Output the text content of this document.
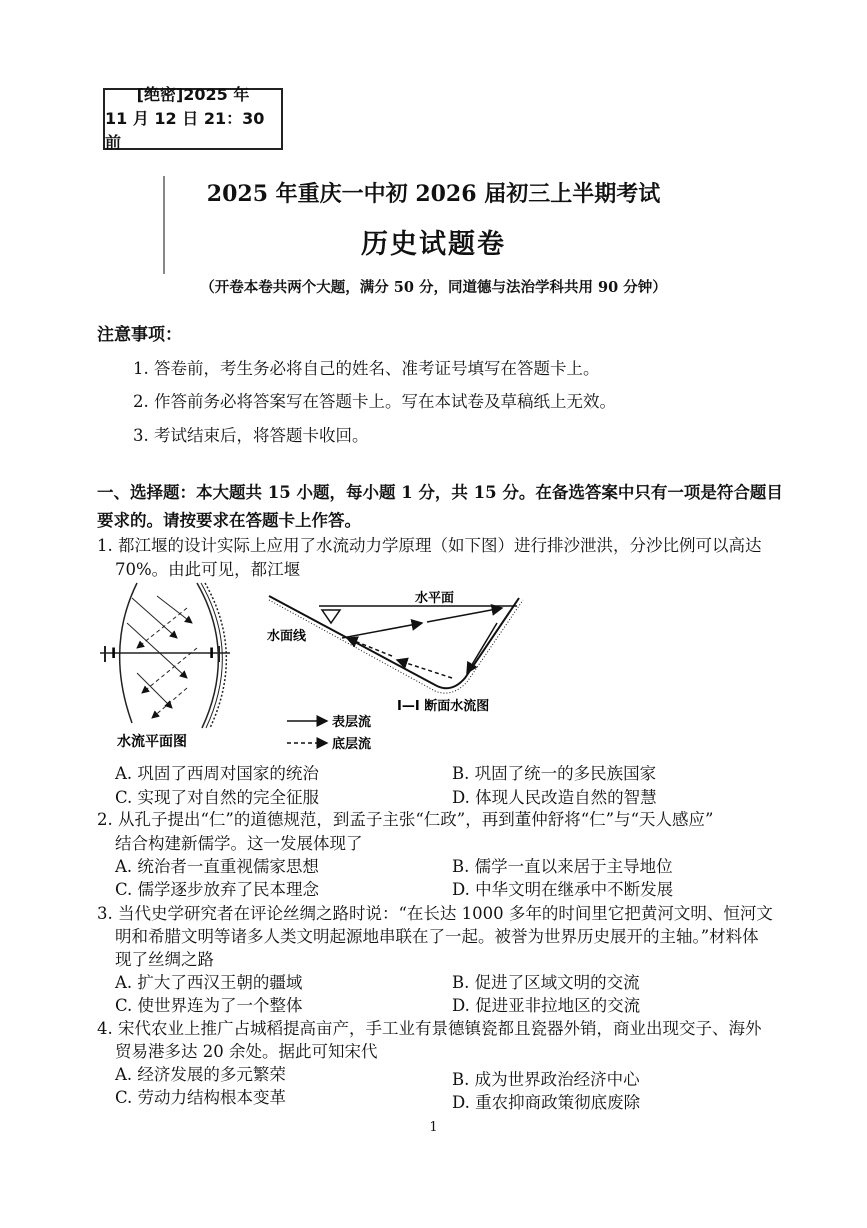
[绝密]2025 年
11 月 12 日 21：30 前
2025 年重庆一中初 2026 届初三上半期考试
历史试题卷
（开卷本卷共两个大题，满分 50 分，同道德与法治学科共用 90 分钟）
注意事项：
1. 答卷前，考生务必将自己的姓名、准考证号填写在答题卡上。
2. 作答前务必将答案写在答题卡上。写在本试卷及草稿纸上无效。
3. 考试结束后，将答题卡收回。
一、选择题：本大题共 15 小题，每小题 1 分，共 15 分。在备选答案中只有一项是符合题目
要求的。请按要求在答题卡上作答。
1. 都江堰的设计实际上应用了水流动力学原理（如下图）进行排沙泄洪，分沙比例可以高达
70%。由此可见，都江堰
I	I
水流平面图
表层流
底层流
水平面
水面线
I—I 断面水流图
A. 巩固了西周对国家的统治	B. 巩固了统一的多民族国家
C. 实现了对自然的完全征服	D. 体现人民改造自然的智慧
2. 从孔子提出“仁”的道德规范，到孟子主张“仁政”，再到董仲舒将“仁”与“天人感应”
结合构建新儒学。这一发展体现了
A. 统治者一直重视儒家思想	B. 儒学一直以来居于主导地位
C. 儒学逐步放弃了民本理念	D. 中华文明在继承中不断发展
3. 当代史学研究者在评论丝绸之路时说：“在长达 1000 多年的时间里它把黄河文明、恒河文
明和希腊文明等诸多人类文明起源地串联在了一起。被誉为世界历史展开的主轴。”材料体
现了丝绸之路
A. 扩大了西汉王朝的疆域	B. 促进了区域文明的交流
C. 使世界连为了一个整体	D. 促进亚非拉地区的交流
4. 宋代农业上推广占城稻提高亩产，手工业有景德镇瓷都且瓷器外销，商业出现交子、海外
贸易港多达 20 余处。据此可知宋代
A. 经济发展的多元繁荣	B. 成为世界政治经济中心
C. 劳动力结构根本变革	D. 重农抑商政策彻底废除
1
